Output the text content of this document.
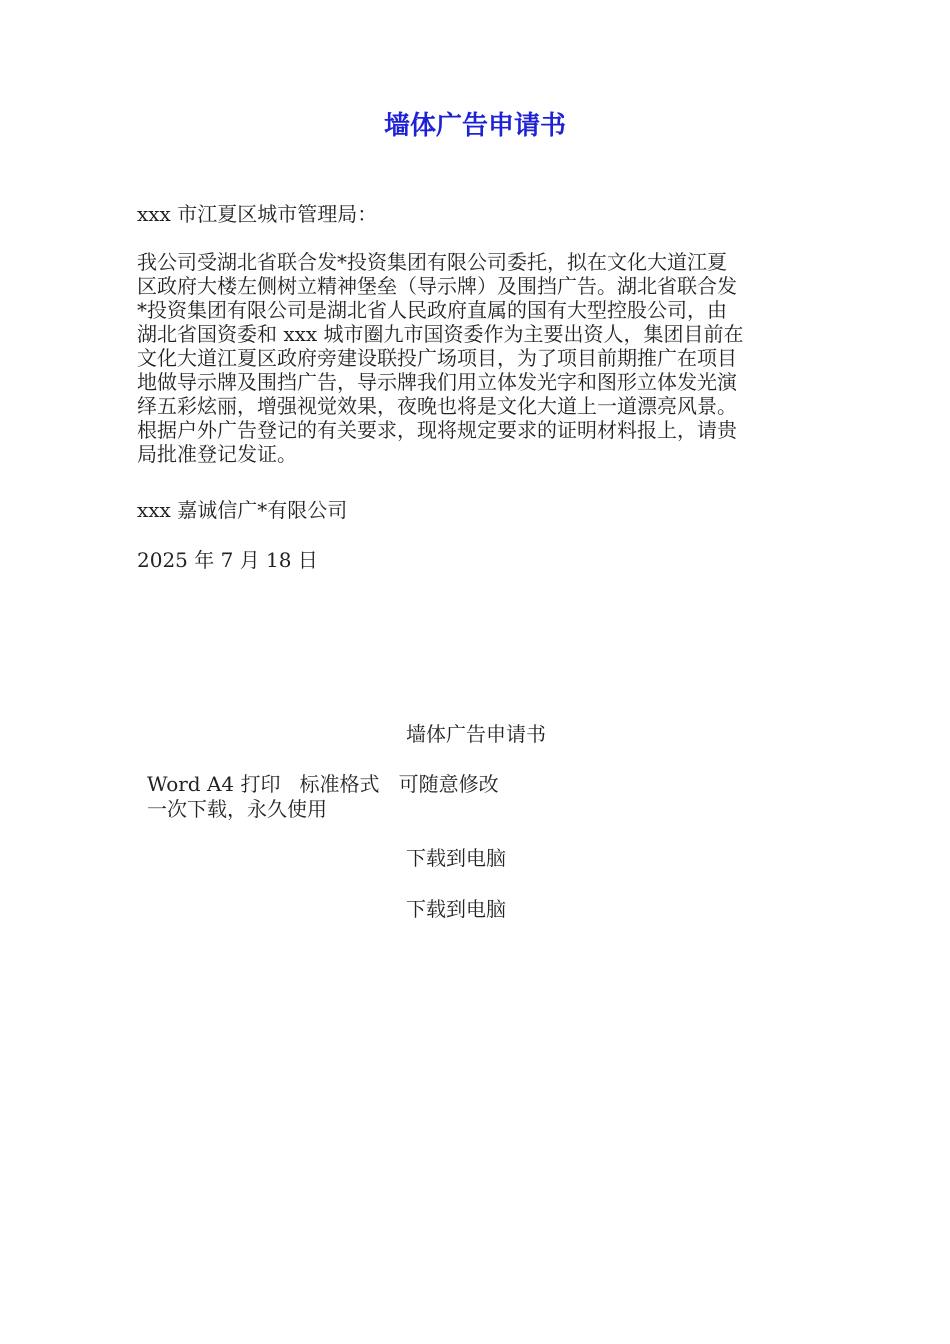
墙体广告申请书

xxx 市江夏区城市管理局：

我公司受湖北省联合发*投资集团有限公司委托，拟在文化大道江夏
区政府大楼左侧树立精神堡垒（导示牌）及围挡广告。湖北省联合发
*投资集团有限公司是湖北省人民政府直属的国有大型控股公司，由
湖北省国资委和 xxx 城市圈九市国资委作为主要出资人，集团目前在
文化大道江夏区政府旁建设联投广场项目，为了项目前期推广在项目
地做导示牌及围挡广告，导示牌我们用立体发光字和图形立体发光演
绎五彩炫丽，增强视觉效果，夜晚也将是文化大道上一道漂亮风景。
根据户外广告登记的有关要求，现将规定要求的证明材料报上，请贵
局批准登记发证。

xxx 嘉诚信广*有限公司

2025 年 7 月 18 日

墙体广告申请书

Word A4 打印   标准格式   可随意修改

一次下载，永久使用

下载到电脑

下载到电脑
